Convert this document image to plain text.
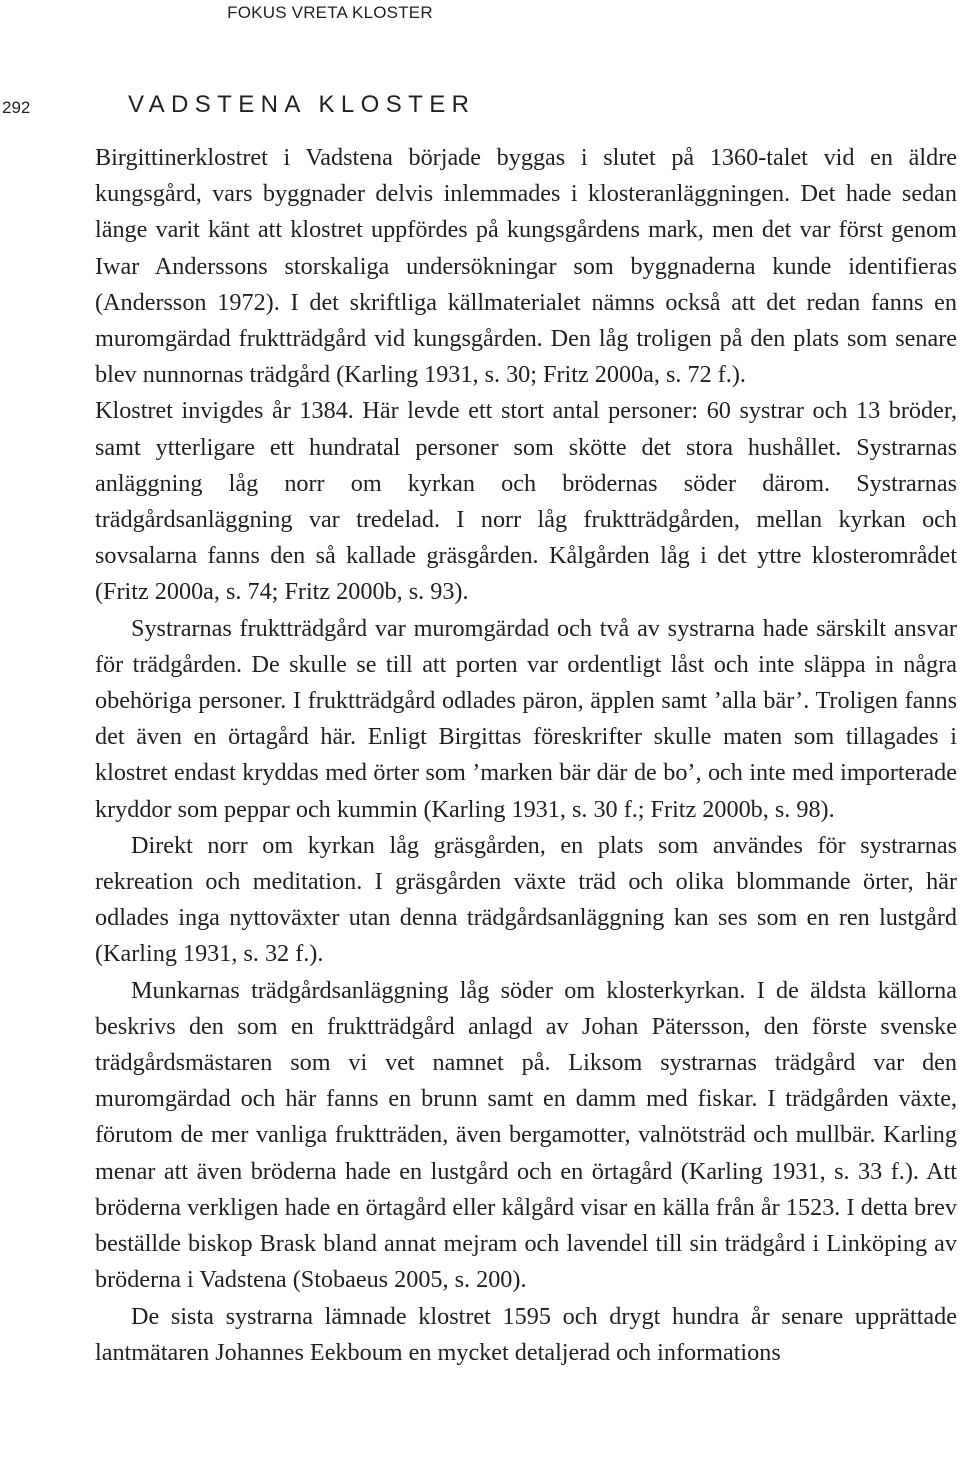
FOKUS VRETA KLOSTER
292	VADSTENA KLOSTER

Birgittinerklostret i Vadstena började byggas i slutet på 1360-talet vid en äldre kungsgård, vars byggnader delvis inlemmades i klosteranläggningen. Det hade sedan länge varit känt att klostret uppfördes på kungsgårdens mark, men det var först genom Iwar Anderssons storskaliga undersökningar som byggnaderna kunde identifieras (Andersson 1972). I det skriftliga källmaterialet nämns också att det redan fanns en muromgärdad fruktträdgård vid kungsgården. Den låg troligen på den plats som senare blev nunnornas trädgård (Karling 1931, s. 30; Fritz 2000a, s. 72 f.).

Klostret invigdes år 1384. Här levde ett stort antal personer: 60 systrar och 13 bröder, samt ytterligare ett hundratal personer som skötte det stora hushållet. Systrarnas anläggning låg norr om kyrkan och brödernas söder därom. Systrarnas trädgårdsanläggning var tredelad. I norr låg fruktträdgården, mellan kyrkan och sovsalarna fanns den så kallade gräsgården. Kålgården låg i det yttre klosterområdet (Fritz 2000a, s. 74; Fritz 2000b, s. 93).

Systrarnas fruktträdgård var muromgärdad och två av systrarna hade särskilt ansvar för trädgården. De skulle se till att porten var ordentligt låst och inte släppa in några obehöriga personer. I fruktträdgård odlades päron, äpplen samt ’alla bär’. Troligen fanns det även en örtagård här. Enligt Birgittas föreskrifter skulle maten som tillagades i klostret endast kryddas med örter som ’marken bär där de bo’, och inte med importerade kryddor som peppar och kummin (Karling 1931, s. 30 f.; Fritz 2000b, s. 98).

Direkt norr om kyrkan låg gräsgården, en plats som användes för systrarnas rekreation och meditation. I gräsgården växte träd och olika blommande örter, här odlades inga nyttoväxter utan denna trädgårdsanläggning kan ses som en ren lustgård (Karling 1931, s. 32 f.).

Munkarnas trädgårdsanläggning låg söder om klosterkyrkan. I de äldsta källorna beskrivs den som en fruktträdgård anlagd av Johan Pätersson, den förste svenske trädgårdsmästaren som vi vet namnet på. Liksom systrarnas trädgård var den muromgärdad och här fanns en brunn samt en damm med fiskar. I trädgården växte, förutom de mer vanliga fruktträden, även bergamotter, valnötsträd och mullbär. Karling menar att även bröderna hade en lustgård och en örtagård (Karling 1931, s. 33 f.). Att bröderna verkligen hade en örtagård eller kålgård visar en källa från år 1523. I detta brev beställde biskop Brask bland annat mejram och lavendel till sin trädgård i Linköping av bröderna i Vadstena (Stobaeus 2005, s. 200).

De sista systrarna lämnade klostret 1595 och drygt hundra år senare upprättade lantmätaren Johannes Eekboum en mycket detaljerad och informations
